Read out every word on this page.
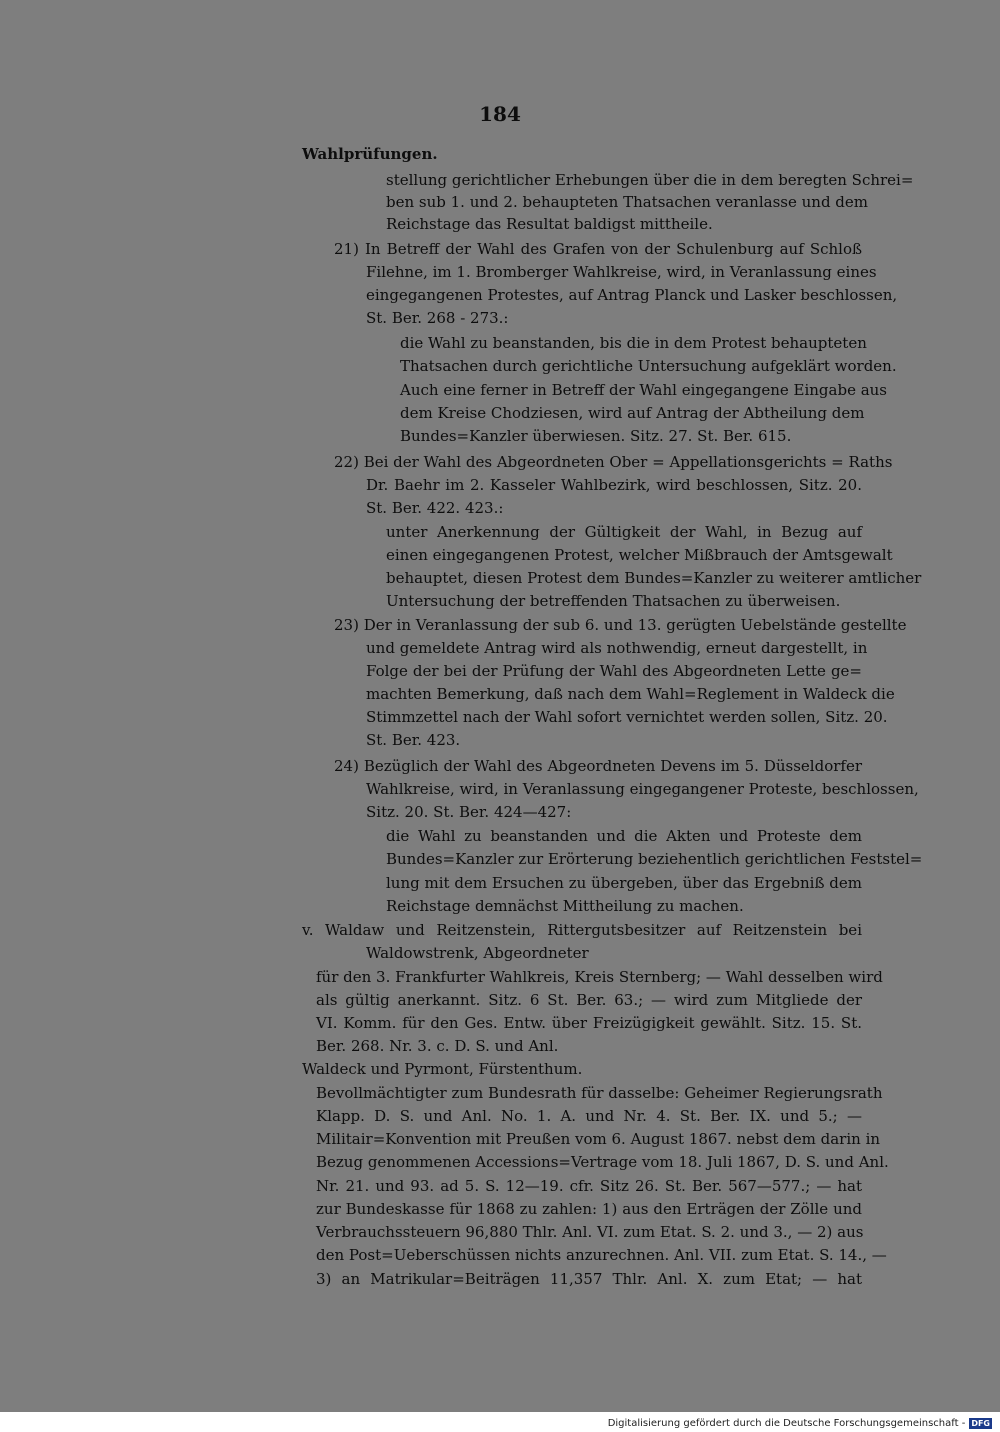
184
Wahlprüfungen.
stellung gerichtlicher Erhebungen über die in dem beregten Schrei=
ben sub 1. und 2. behaupteten Thatsachen veranlasse und dem
Reichstage das Resultat baldigst mittheile.
21) In Betreff der Wahl des Grafen von der Schulenburg auf Schloß
Filehne, im 1. Bromberger Wahlkreise, wird, in Veranlassung eines
eingegangenen Protestes, auf Antrag Planck und Lasker beschlossen,
St. Ber. 268 - 273.:
die Wahl zu beanstanden, bis die in dem Protest behaupteten
Thatsachen durch gerichtliche Untersuchung aufgeklärt worden.
Auch eine ferner in Betreff der Wahl eingegangene Eingabe aus
dem Kreise Chodziesen, wird auf Antrag der Abtheilung dem
Bundes=Kanzler überwiesen. Sitz. 27. St. Ber. 615.
22) Bei der Wahl des Abgeordneten Ober = Appellationsgerichts = Raths
Dr. Baehr im 2. Kasseler Wahlbezirk, wird beschlossen, Sitz. 20.
St. Ber. 422. 423.:
unter Anerkennung der Gültigkeit der Wahl, in Bezug auf
einen eingegangenen Protest, welcher Mißbrauch der Amtsgewalt
behauptet, diesen Protest dem Bundes=Kanzler zu weiterer amtlicher
Untersuchung der betreffenden Thatsachen zu überweisen.
23) Der in Veranlassung der sub 6. und 13. gerügten Uebelstände gestellte
und gemeldete Antrag wird als nothwendig, erneut dargestellt, in
Folge der bei der Prüfung der Wahl des Abgeordneten Lette ge=
machten Bemerkung, daß nach dem Wahl=Reglement in Waldeck die
Stimmzettel nach der Wahl sofort vernichtet werden sollen, Sitz. 20.
St. Ber. 423.
24) Bezüglich der Wahl des Abgeordneten Devens im 5. Düsseldorfer
Wahlkreise, wird, in Veranlassung eingegangener Proteste, beschlossen,
Sitz. 20. St. Ber. 424—427:
die Wahl zu beanstanden und die Akten und Proteste dem
Bundes=Kanzler zur Erörterung beziehentlich gerichtlichen Feststel=
lung mit dem Ersuchen zu übergeben, über das Ergebniß dem
Reichstage demnächst Mittheilung zu machen.
v. Waldaw und Reitzenstein, Rittergutsbesitzer auf Reitzenstein bei
Waldowstrenk, Abgeordneter
für den 3. Frankfurter Wahlkreis, Kreis Sternberg; — Wahl desselben wird
als gültig anerkannt. Sitz. 6 St. Ber. 63.; — wird zum Mitgliede der
VI. Komm. für den Ges. Entw. über Freizügigkeit gewählt. Sitz. 15. St.
Ber. 268. Nr. 3. c. D. S. und Anl.
Waldeck und Pyrmont, Fürstenthum.
Bevollmächtigter zum Bundesrath für dasselbe: Geheimer Regierungsrath
Klapp. D. S. und Anl. No. 1. A. und Nr. 4. St. Ber. IX. und 5.; —
Militair=Konvention mit Preußen vom 6. August 1867. nebst dem darin in
Bezug genommenen Accessions=Vertrage vom 18. Juli 1867, D. S. und Anl.
Nr. 21. und 93. ad 5. S. 12—19. cfr. Sitz 26. St. Ber. 567—577.; — hat
zur Bundeskasse für 1868 zu zahlen: 1) aus den Erträgen der Zölle und
Verbrauchssteuern 96,880 Thlr. Anl. VI. zum Etat. S. 2. und 3., — 2) aus
den Post=Ueberschüssen nichts anzurechnen. Anl. VII. zum Etat. S. 14., —
3) an Matrikular=Beiträgen 11,357 Thlr. Anl. X. zum Etat; — hat
Digitalisierung gefördert durch die Deutsche Forschungsgemeinschaft - DFG
